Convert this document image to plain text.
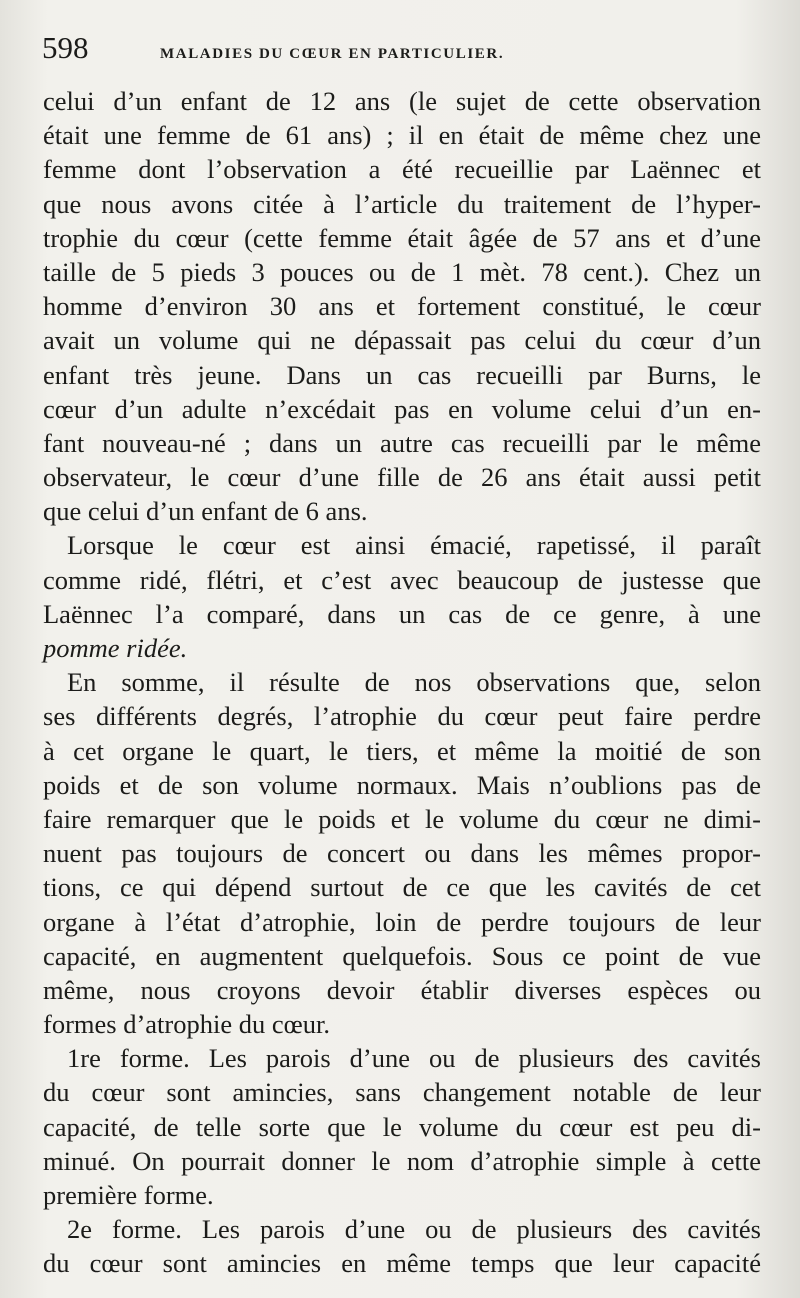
598	MALADIES DU CŒUR EN PARTICULIER.
celui d’un enfant de 12 ans (le sujet de cette observation
était une femme de 61 ans) ; il en était de même chez une
femme dont l’observation a été recueillie par Laënnec et
que nous avons citée à l’article du traitement de l’hyper-
trophie du cœur (cette femme était âgée de 57 ans et d’une
taille de 5 pieds 3 pouces ou de 1 mèt. 78 cent.). Chez un
homme d’environ 30 ans et fortement constitué, le cœur
avait un volume qui ne dépassait pas celui du cœur d’un
enfant très jeune. Dans un cas recueilli par Burns, le
cœur d’un adulte n’excédait pas en volume celui d’un en-
fant nouveau-né ; dans un autre cas recueilli par le même
observateur, le cœur d’une fille de 26 ans était aussi petit
que celui d’un enfant de 6 ans.
Lorsque le cœur est ainsi émacié, rapetissé, il paraît
comme ridé, flétri, et c’est avec beaucoup de justesse que
Laënnec l’a comparé, dans un cas de ce genre, à une
pomme ridée.
En somme, il résulte de nos observations que, selon
ses différents degrés, l’atrophie du cœur peut faire perdre
à cet organe le quart, le tiers, et même la moitié de son
poids et de son volume normaux. Mais n’oublions pas de
faire remarquer que le poids et le volume du cœur ne dimi-
nuent pas toujours de concert ou dans les mêmes propor-
tions, ce qui dépend surtout de ce que les cavités de cet
organe à l’état d’atrophie, loin de perdre toujours de leur
capacité, en augmentent quelquefois. Sous ce point de vue
même, nous croyons devoir établir diverses espèces ou
formes d’atrophie du cœur.
1re forme. Les parois d’une ou de plusieurs des cavités
du cœur sont amincies, sans changement notable de leur
capacité, de telle sorte que le volume du cœur est peu di-
minué. On pourrait donner le nom d’atrophie simple à cette
première forme.
2e forme. Les parois d’une ou de plusieurs des cavités
du cœur sont amincies en même temps que leur capacité
